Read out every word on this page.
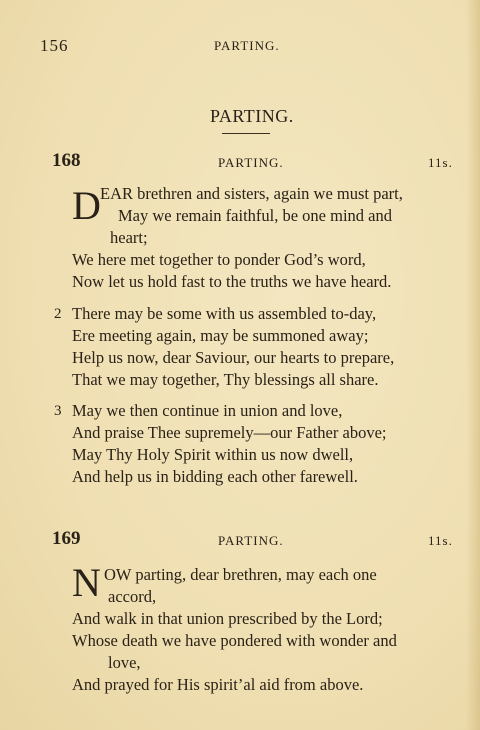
156	PARTING.
PARTING.
168	PARTING.	11s.
D EAR brethren and sisters, again we must part,
May we remain faithful, be one mind and
heart;
We here met together to ponder God’s word,
Now let us hold fast to the truths we have heard.
2 There may be some with us assembled to-day,
Ere meeting again, may be summoned away;
Help us now, dear Saviour, our hearts to prepare,
That we may together, Thy blessings all share.
3 May we then continue in union and love,
And praise Thee supremely—our Father above;
May Thy Holy Spirit within us now dwell,
And help us in bidding each other farewell.
169	PARTING.	11s.
N OW parting, dear brethren, may each one
accord,
And walk in that union prescribed by the Lord;
Whose death we have pondered with wonder and
love,
And prayed for His spirit’al aid from above.
